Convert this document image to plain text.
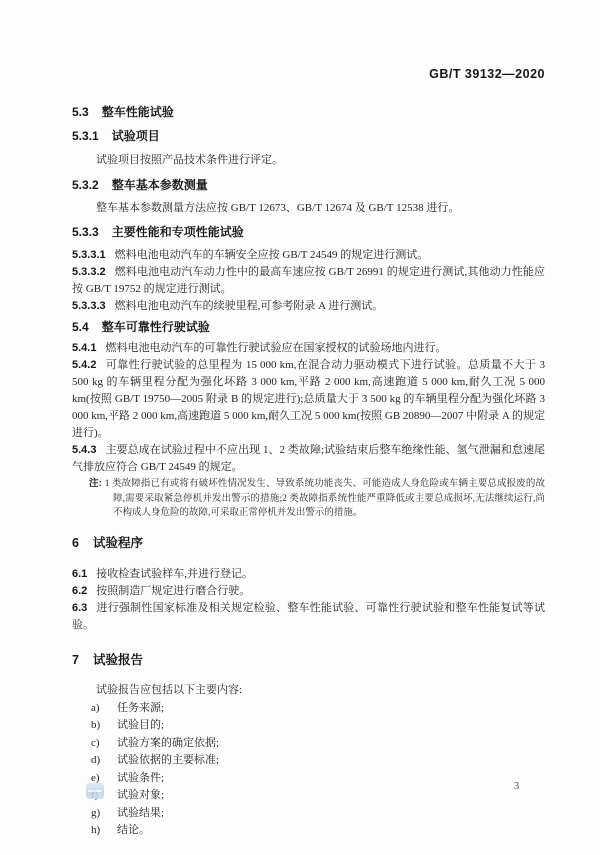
GB/T 39132—2020
5.3 整车性能试验
5.3.1 试验项目

试验项目按照产品技术条件进行评定。

5.3.2 整车基本参数测量

整车基本参数测量方法应按 GB/T 12673、GB/T 12674 及 GB/T 12538 进行。

5.3.3 主要性能和专项性能试验

5.3.3.1 燃料电池电动汽车的车辆安全应按 GB/T 24549 的规定进行测试。

5.3.3.2 燃料电池电动汽车动力性中的最高车速应按 GB/T 26991 的规定进行测试,其他动力性能应按 GB/T 19752 的规定进行测试。

5.3.3.3 燃料电池电动汽车的续驶里程,可参考附录 A 进行测试。

5.4 整车可靠性行驶试验

5.4.1 燃料电池电动汽车的可靠性行驶试验应在国家授权的试验场地内进行。

5.4.2 可靠性行驶试验的总里程为 15 000 km,在混合动力驱动模式下进行试验。总质量不大于 3 500 kg 的车辆里程分配为强化坏路 3 000 km,平路 2 000 km,高速跑道 5 000 km,耐久工况 5 000 km(按照 GB/T 19750—2005 附录 B 的规定进行);总质量大于 3 500 kg 的车辆里程分配为强化坏路 3 000 km,平路 2 000 km,高速跑道 5 000 km,耐久工况 5 000 km(按照 GB 20890—2007 中附录 A 的规定进行)。

5.4.3 主要总成在试验过程中不应出现 1、2 类故障;试验结束后整车绝缘性能、氢气泄漏和怠速尾气排放应符合 GB/T 24549 的规定。

注: 1 类故障指已有或将有破坏性情况发生、导致系统功能丧失、可能造成人身危险或车辆主要总成报废的故障,需要采取紧急停机并发出警示的措施;2 类故障指系统性能严重降低或主要总成损坏,无法继续运行,尚不构成人身危险的故障,可采取正常停机并发出警示的措施。

6 试验程序

6.1 接收检查试验样车,并进行登记。

6.2 按照制造厂规定进行磨合行驶。

6.3 进行强制性国家标准及相关规定检验、整车性能试验、可靠性行驶试验和整车性能复试等试验。

7 试验报告

试验报告应包括以下主要内容:

a) 任务来源;
b) 试验目的;
c) 试验方案的确定依据;
d) 试验依据的主要标准;
e) 试验条件;
试验对象;
g) 试验结果;
h) 结论。
3
